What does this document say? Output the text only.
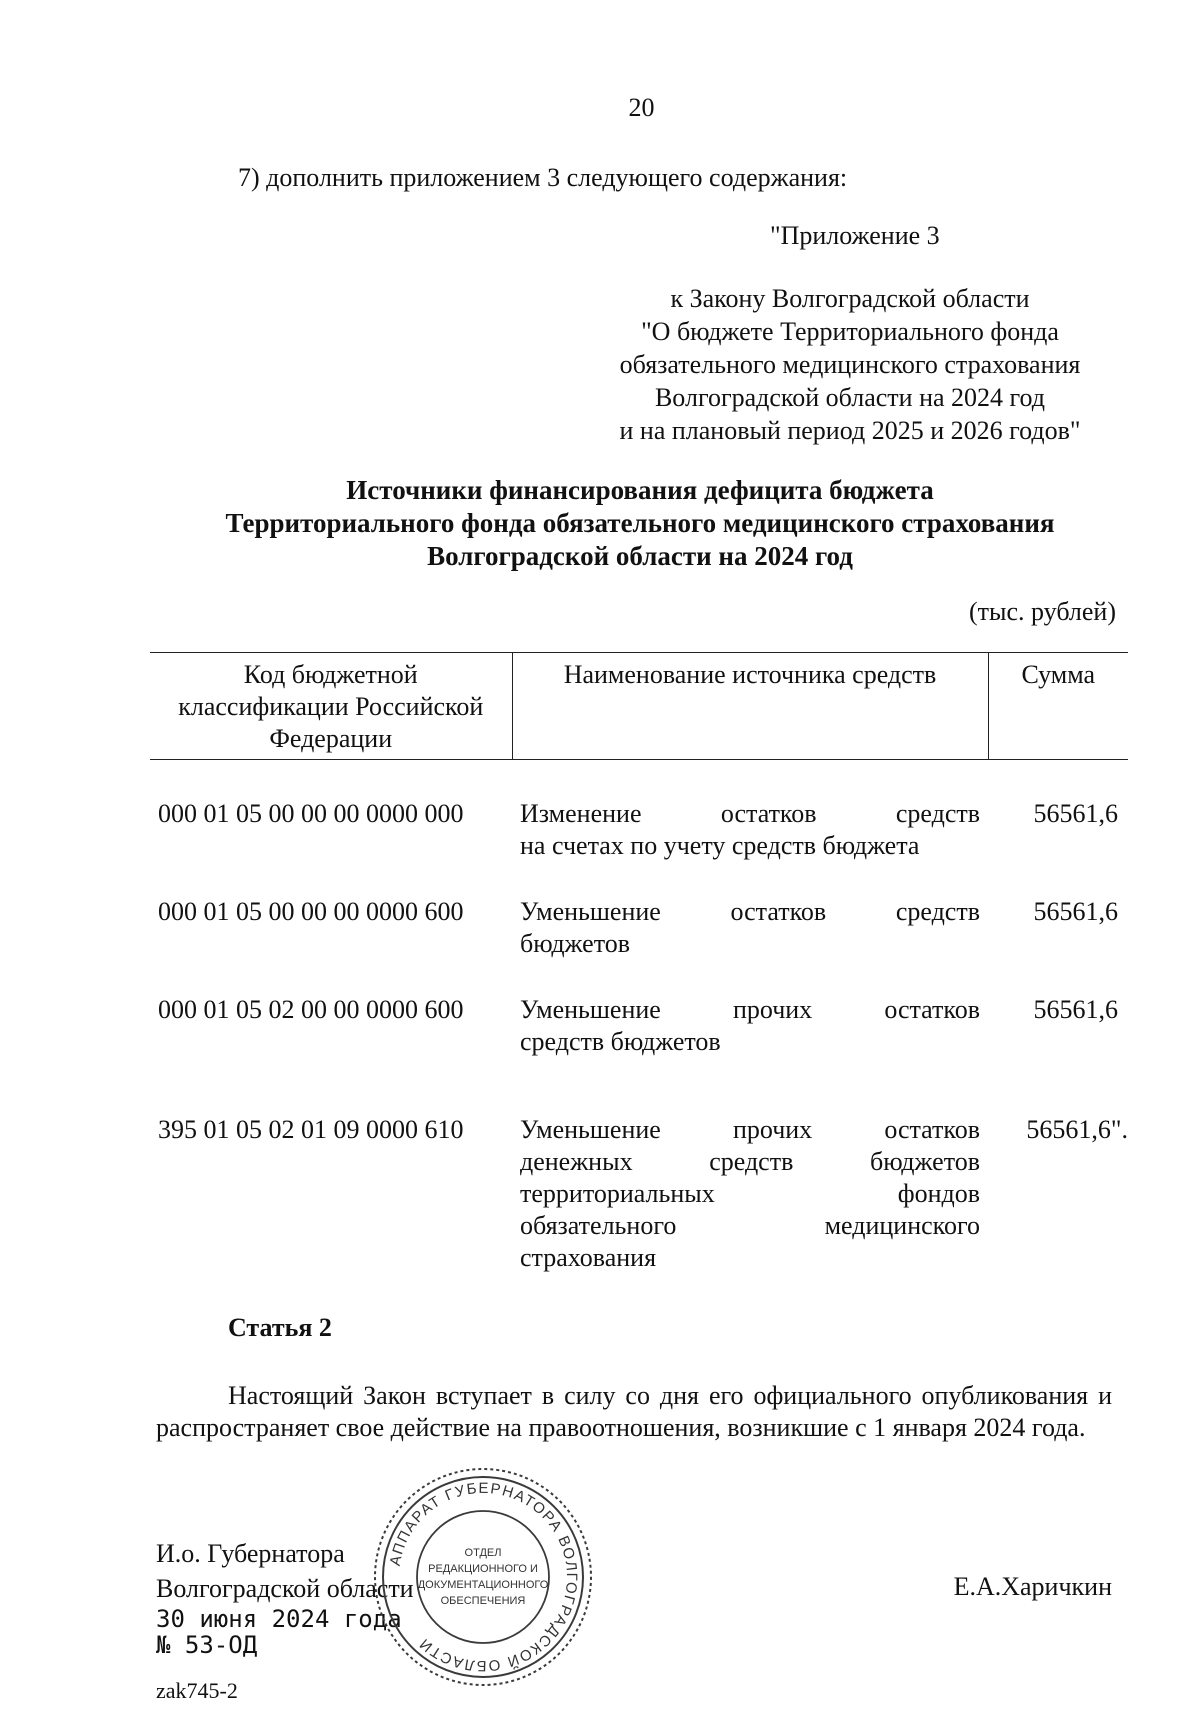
20
7) дополнить приложением 3 следующего содержания:
"Приложение 3
к Закону Волгоградской области
"О бюджете Территориального фонда
обязательного медицинского страхования
Волгоградской области на 2024 год
и на плановый период 2025 и 2026 годов"
Источники финансирования дефицита бюджета
Территориального фонда обязательного медицинского страхования
Волгоградской области на 2024 год
(тыс. рублей)
Код бюджетной классификации Российской Федерации	Наименование источника средств	Сумма

000 01 05 00 00 00 0000 000	Изменение остатков средств
на счетах по учету средств бюджета	56561,6

000 01 05 00 00 00 0000 600	Уменьшение остатков средств
бюджетов	56561,6

000 01 05 02 00 00 0000 600	Уменьшение прочих остатков
средств бюджетов	56561,6

395 01 05 02 01 09 0000 610	Уменьшение прочих остатков
денежных средств бюджетов
территориальных фондов
обязательного медицинского
страхования	56561,6".
Статья 2
Настоящий Закон вступает в силу со дня его официального опубликования и распространяет свое действие на правоотношения, возникшие с 1 января 2024 года.
И.о. Губернатора
Волгоградской области	Е.А.Харичкин
30 июня 2024 года
№ 53-ОД
zak745-2
АППАРАТ ГУБЕРНАТОРА ВОЛГОГРАДСКОЙ ОБЛАСТИ
ОТДЕЛ
РЕДАКЦИОННОГО И
ДОКУМЕНТАЦИОННОГО
ОБЕСПЕЧЕНИЯ
